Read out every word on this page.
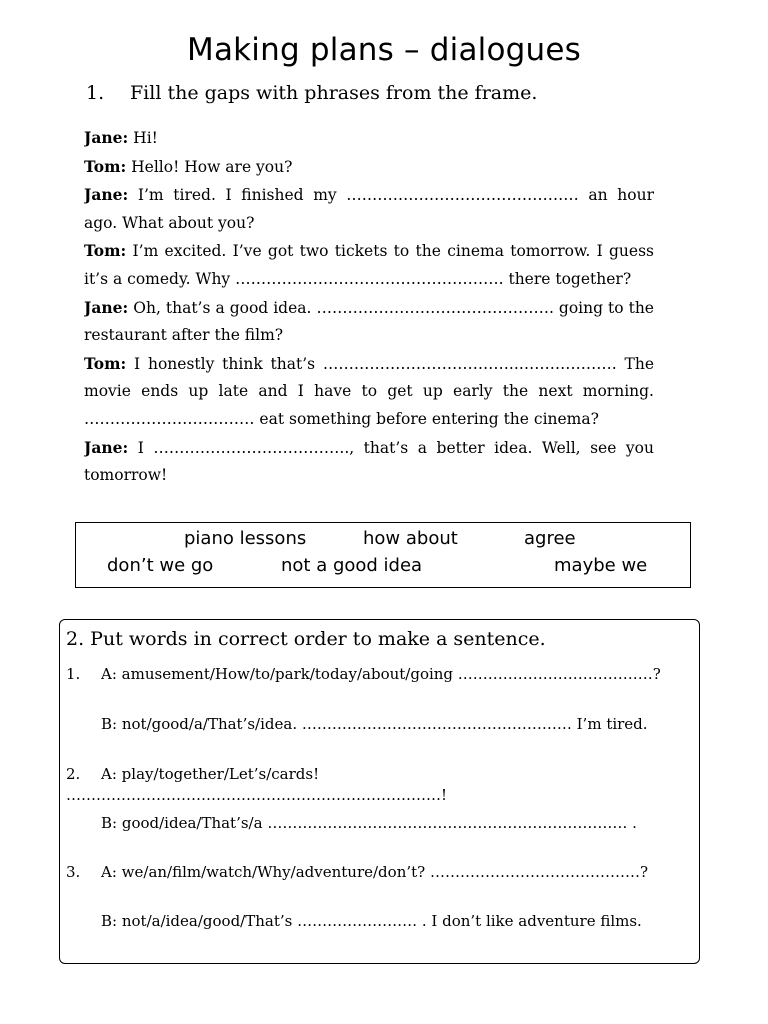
Making plans – dialogues
1.	Fill the gaps with phrases from the frame.

Jane: Hi!

Tom: Hello! How are you?

Jane: I’m tired. I finished my ……………………………………… an hour ago. What about you?

Tom: I’m excited. I’ve got two tickets to the cinema tomorrow. I guess it’s a comedy. Why ……………………………………………. there together?

Jane: Oh, that’s a good idea. ………………………………………. going to the restaurant after the film?

Tom: I honestly think that’s ………………………………..………………. The movie ends up late and I have to get up early the next morning. …………………………… eat something before entering the cinema?

Jane: I ……………………………….., that’s a better idea. Well, see you tomorrow!

piano lessons	how about	agree
don’t we go	not a good idea	maybe we
2. Put words in correct order to make a sentence.
1. A: amusement/How/to/park/today/about/going …………………………………?
B: not/good/a/That’s/idea. ……………………………………………… I’m tired.
2. A: play/together/Let’s/cards! …………………………………………………………………!
B: good/idea/That’s/a ……………………………………………………………… .
3. A: we/an/film/watch/Why/adventure/don’t? ……………………………………?
B: not/a/idea/good/That’s …………………… . I don’t like adventure films.
